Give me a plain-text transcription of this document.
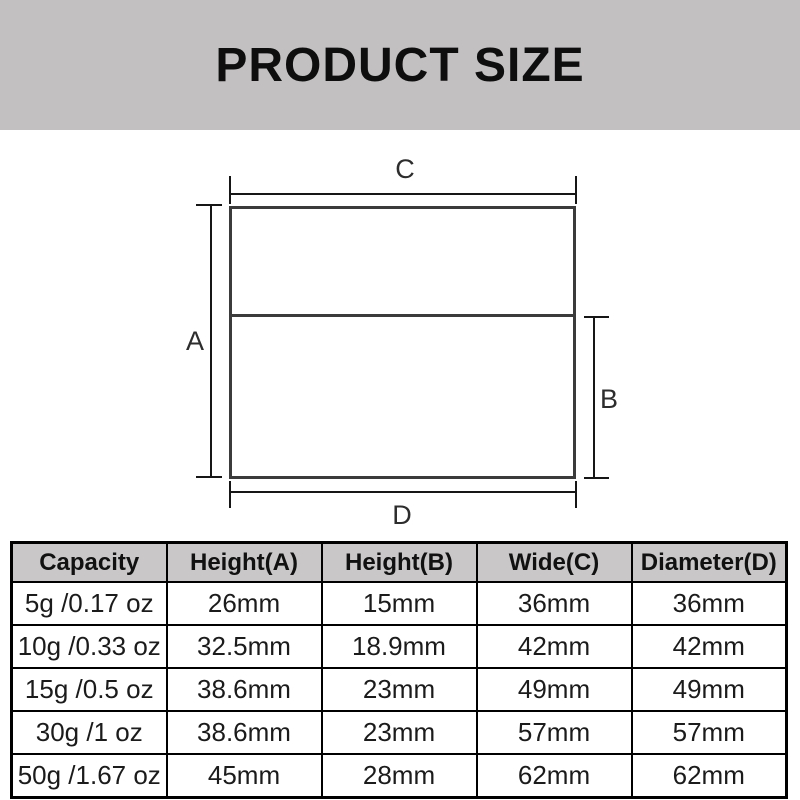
PRODUCT SIZE
C
A
B
D
Capacity	Height(A)	Height(B)	Wide(C)	Diameter(D)
5g /0.17 oz	26mm	15mm	36mm	36mm
10g /0.33 oz	32.5mm	18.9mm	42mm	42mm
15g /0.5 oz	38.6mm	23mm	49mm	49mm
30g /1 oz	38.6mm	23mm	57mm	57mm
50g /1.67 oz	45mm	28mm	62mm	62mm
